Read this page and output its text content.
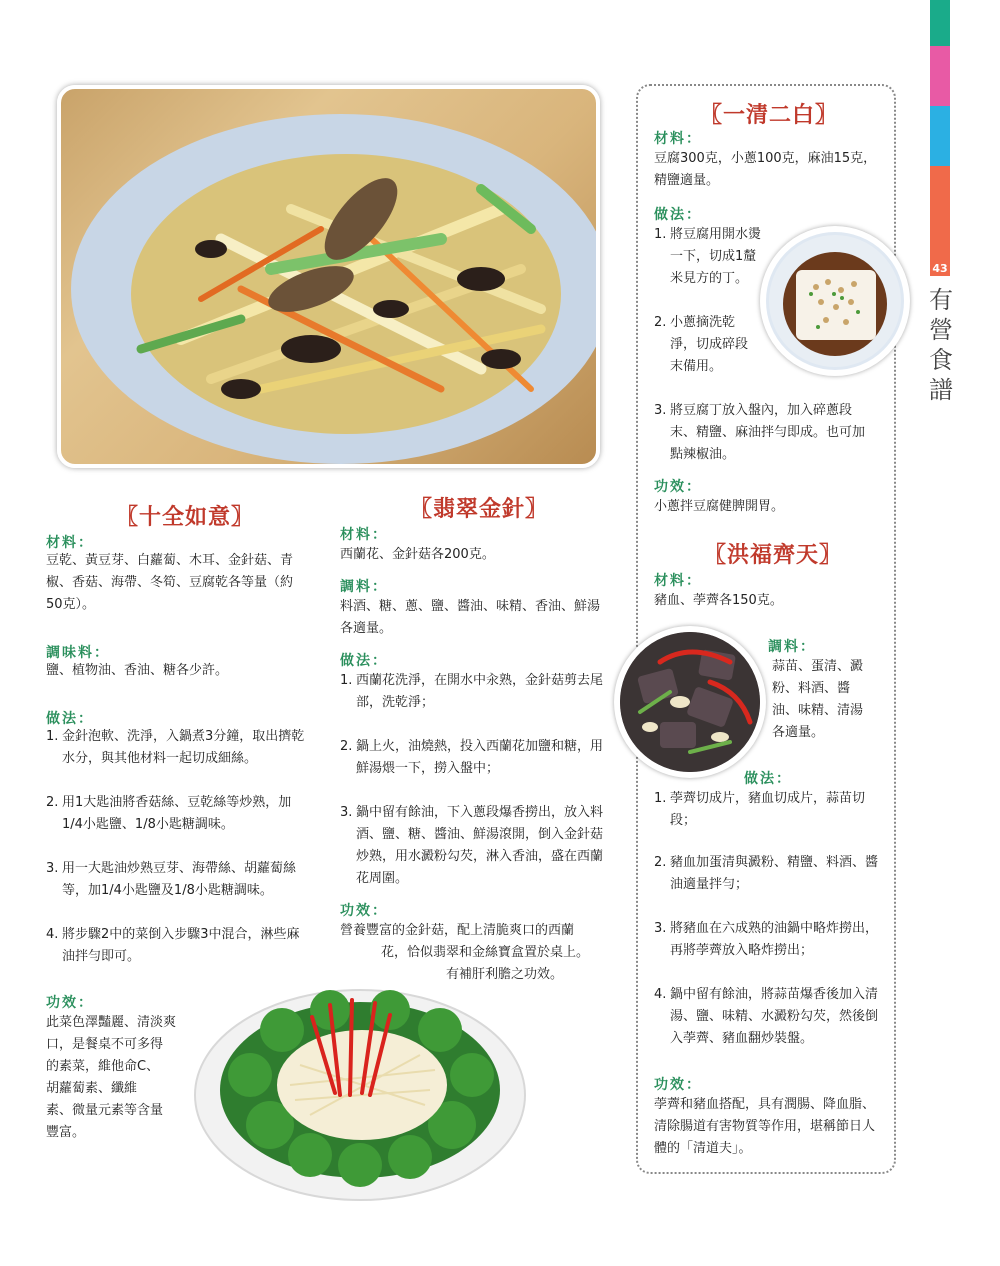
43
有營食譜
〖十全如意〗
材料：
豆乾、黃豆芽、白蘿蔔、木耳、金針菇、青椒、香菇、海帶、冬筍、豆腐乾各等量（約50克）。
調味料：
鹽、植物油、香油、糖各少許。
做法：
1. 金針泡軟、洗淨，入鍋煮3分鐘，取出擠乾水分，與其他材料一起切成細絲。
2. 用1大匙油將香菇絲、豆乾絲等炒熟，加1/4小匙鹽、1/8小匙糖調味。
3. 用一大匙油炒熟豆芽、海帶絲、胡蘿蔔絲等，加1/4小匙鹽及1/8小匙糖調味。
4. 將步驟2中的菜倒入步驟3中混合，淋些麻油拌勻即可。
功效：
此菜色澤豔麗、清淡爽
口，是餐桌不可多得
的素菜，維他命C、
胡蘿蔔素、纖維
素、微量元素等含量
豐富。
〖翡翠金針〗
材料：
西蘭花、金針菇各200克。
調料：
料酒、糖、蔥、鹽、醬油、味精、香油、鮮湯各適量。
做法：
1. 西蘭花洗淨，在開水中汆熟，金針菇剪去尾部，洗乾淨；
2. 鍋上火，油燒熱，投入西蘭花加鹽和糖，用鮮湯煨一下，撈入盤中；
3. 鍋中留有餘油，下入蔥段爆香撈出，放入料酒、鹽、糖、醬油、鮮湯滾開，倒入金針菇炒熟，用水澱粉勾芡，淋入香油，盛在西蘭花周圍。
功效：
營養豐富的金針菇，配上清脆爽口的西蘭
花，恰似翡翠和金絲寶盒置於桌上。
有補肝利膽之功效。
〖一清二白〗
材料：
豆腐300克，小蔥100克，麻油15克，精鹽適量。
做法：
1. 將豆腐用開水燙
一下，切成1釐
米見方的丁。
2. 小蔥摘洗乾
淨，切成碎段
末備用。
3. 將豆腐丁放入盤內，加入碎蔥段
末、精鹽、麻油拌勻即成。也可加
點辣椒油。
功效：
小蔥拌豆腐健脾開胃。
〖洪福齊天〗
材料：
豬血、荸薺各150克。
調料：
蒜苗、蛋清、澱
粉、料酒、醬
油、味精、清湯
各適量。
做法：
1. 荸薺切成片，豬血切成片，蒜苗切段；
2. 豬血加蛋清與澱粉、精鹽、料酒、醬油適量拌勻；
3. 將豬血在六成熟的油鍋中略炸撈出，再將荸薺放入略炸撈出；
4. 鍋中留有餘油，將蒜苗爆香後加入清湯、鹽、味精、水澱粉勾芡，然後倒入荸薺、豬血翻炒裝盤。
功效：
荸薺和豬血搭配，具有潤腸、降血脂、清除腸道有害物質等作用，堪稱節日人體的「清道夫」。
